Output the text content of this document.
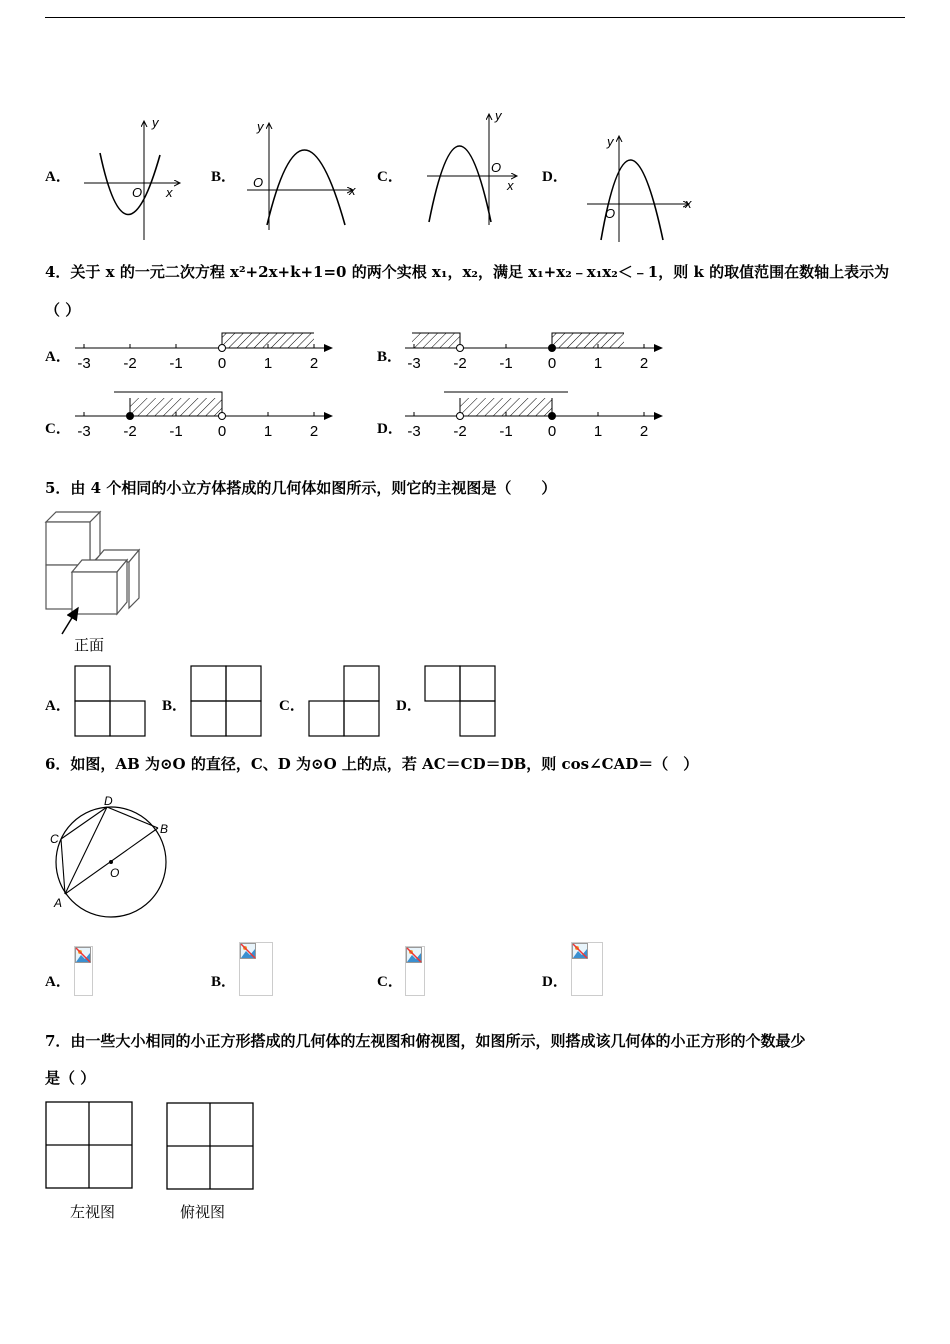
A．
y
x
O
B．
y
x
O	C．
y
x
O
D．
y
x
O
4．关于 x 的一元二次方程 x²+2x+k+1=0 的两个实根 x₁，x₂，满足 x₁+x₂﹣x₁x₂＜﹣1，则 k 的取值范围在数轴上表示为
（ ）
A． -3 -2 -1 0	1	2	B． -3 -2 -1 0	1	2
C． -3 -2 -1 0	1	2	D． -3 -2 -1 0	1	2
5．由 4 个相同的小立方体搭成的几何体如图所示，则它的主视图是（　　）
正面
A．	B．	C．	D．
6．如图，AB 为⊙O 的直径，C、D 为⊙O 上的点，若 AC＝CD＝DB，则 cos∠CAD＝（　）
A
B
C
D
O
A．	B．	C．	D．
7．由一些大小相同的小正方形搭成的几何体的左视图和俯视图，如图所示，则搭成该几何体的小正方形的个数最少
是（ ）
左视图	俯视图
